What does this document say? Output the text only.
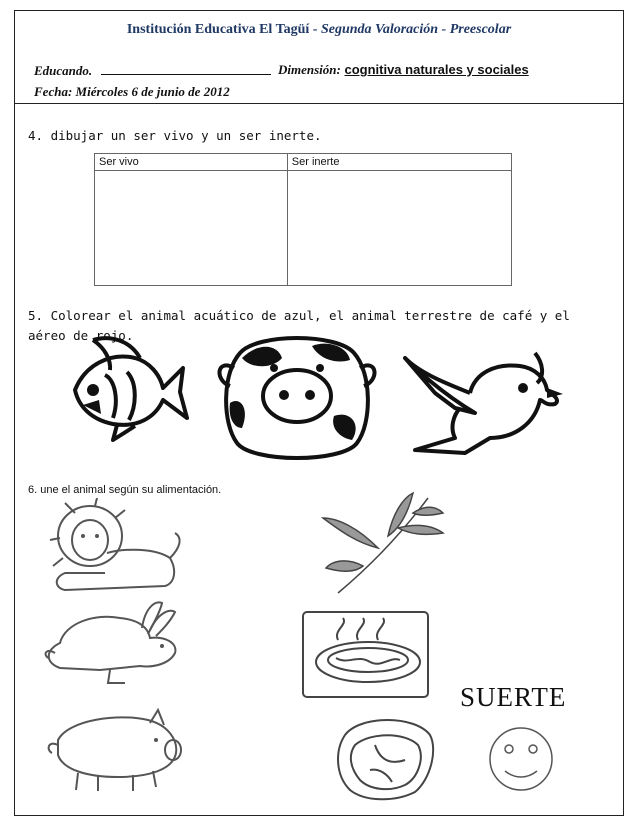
Institución Educativa El Tagüí - Segunda Valoración - Preescolar
Educando.	Dimensión: cognitiva naturales y sociales
Fecha: Miércoles 6 de junio de 2012
4. dibujar un ser vivo y un ser inerte.
Ser vivo	Ser inerte

5. Colorear el animal acuático de azul, el animal terrestre de café y el aéreo de rojo.
6. une el animal según su alimentación.
SUERTE
